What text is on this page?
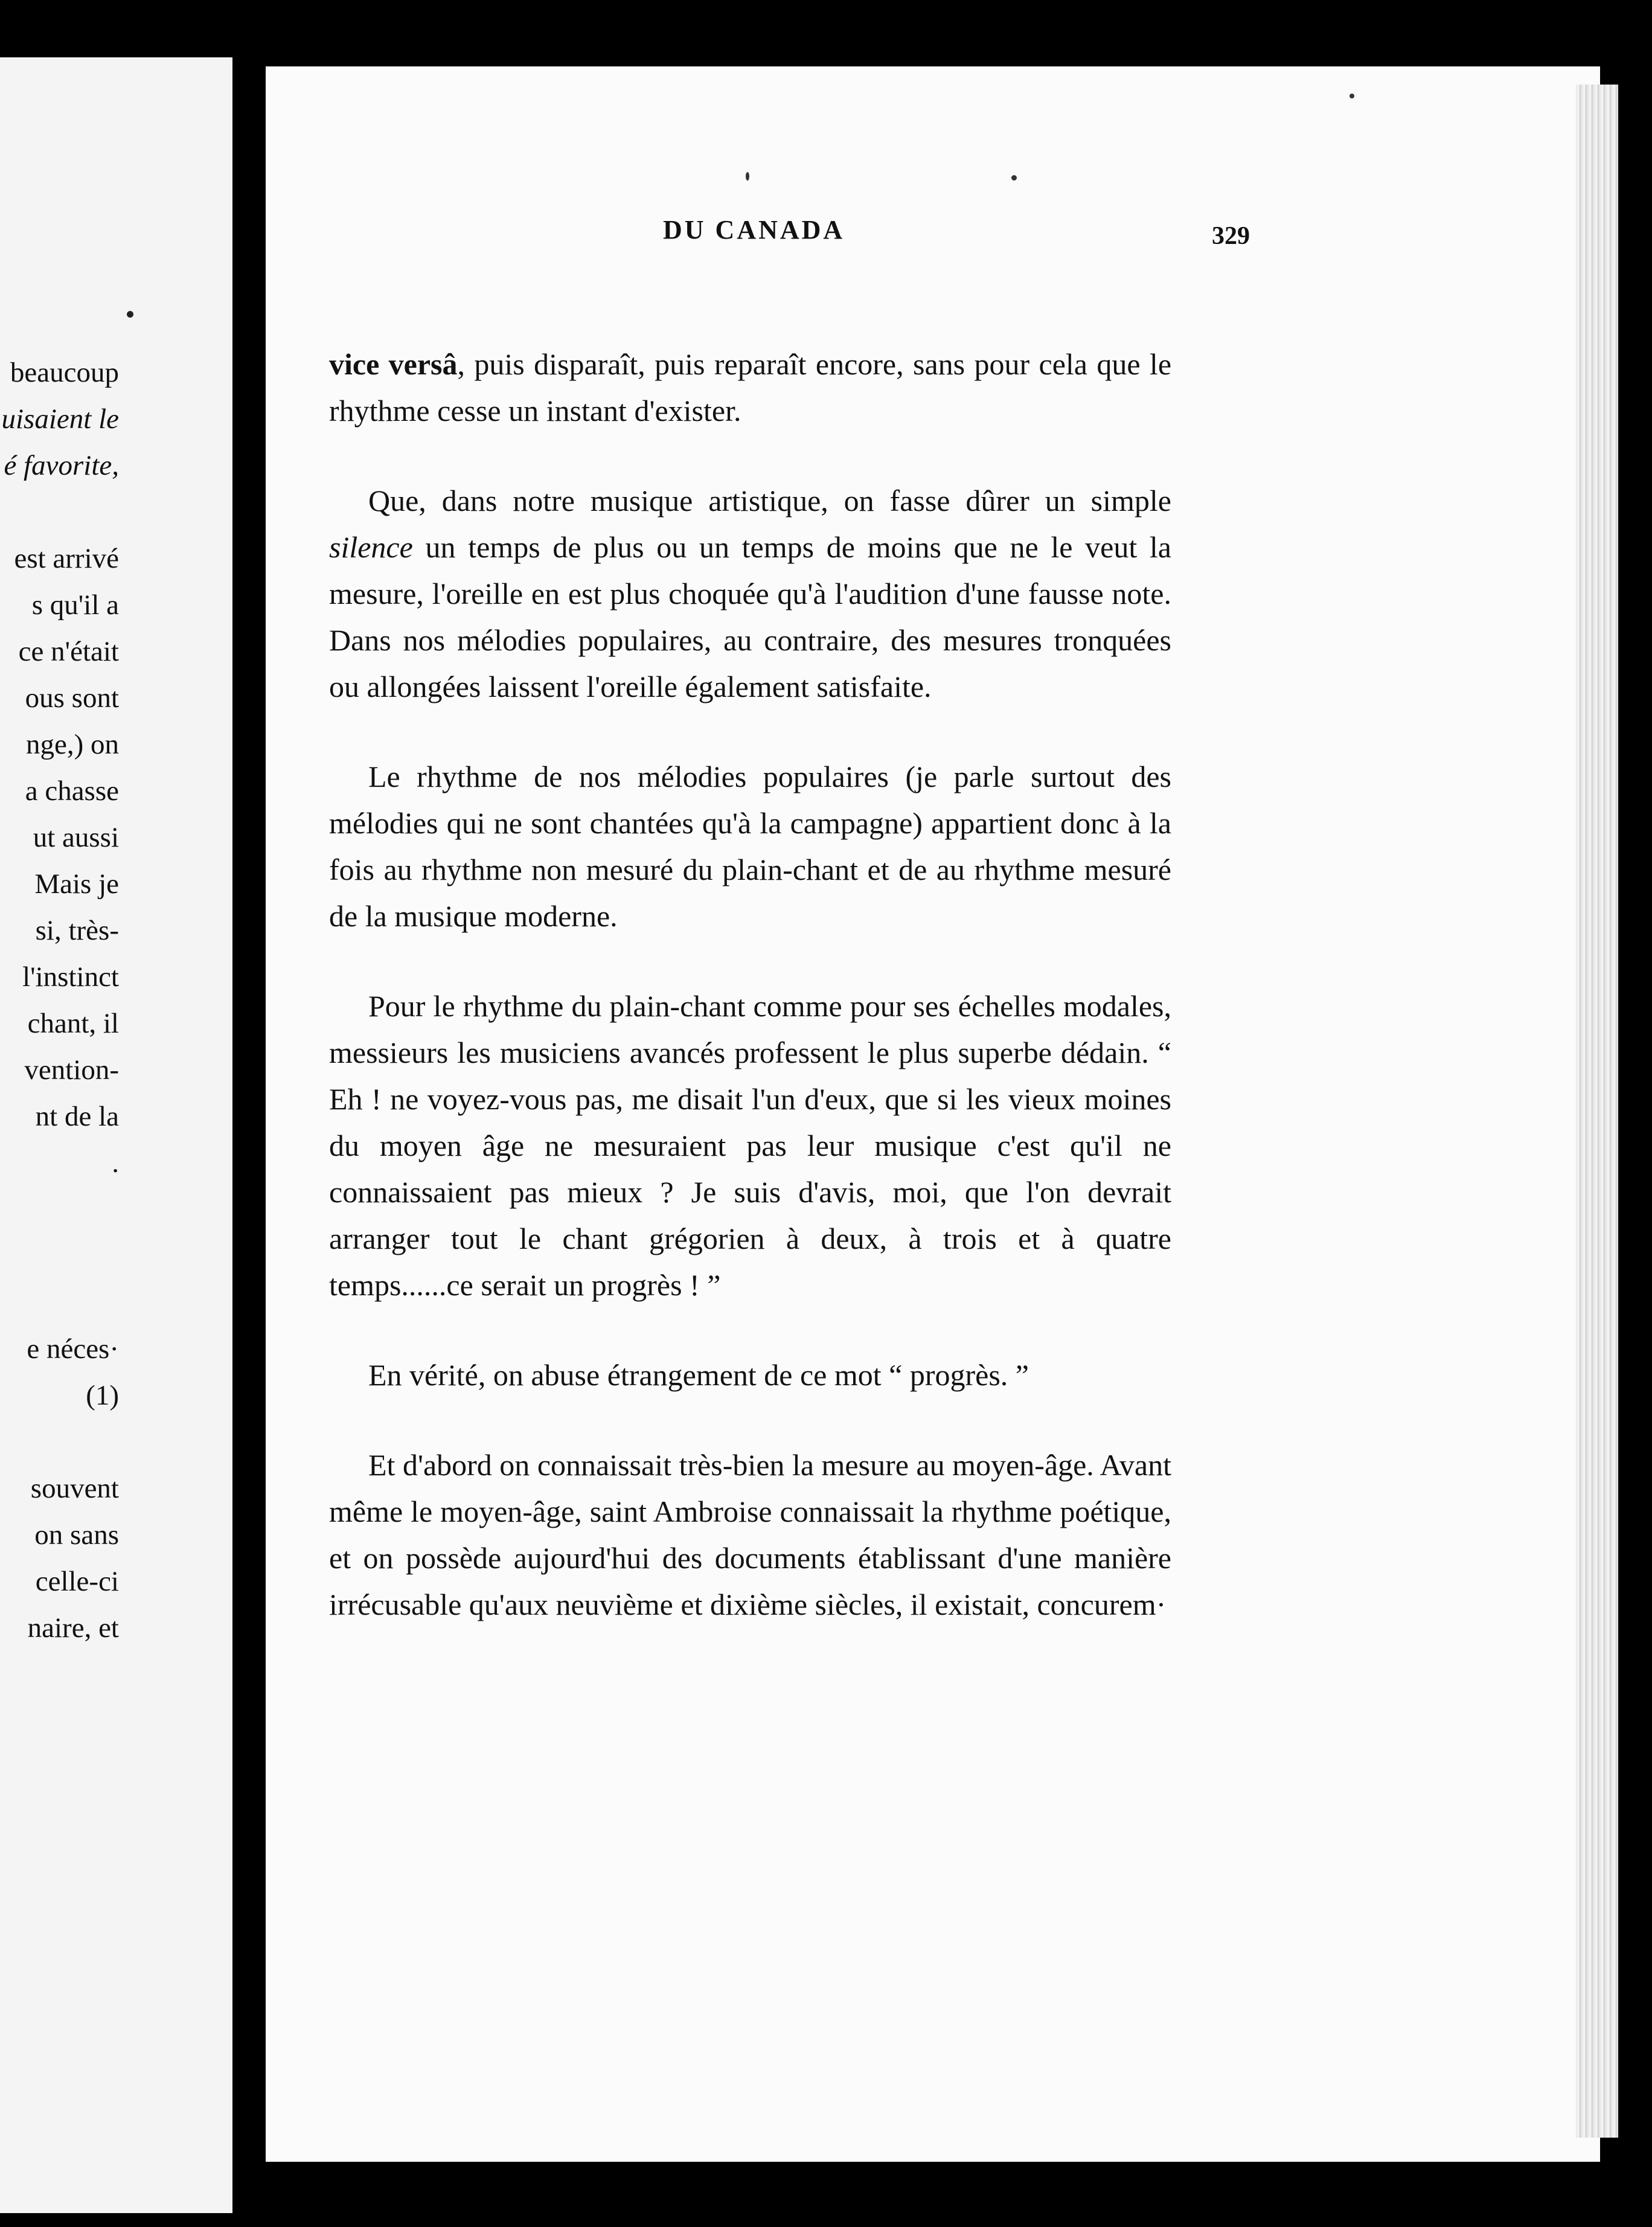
beaucoup
uisaient le
é favorite,
est arrivé
s qu'il a
ce n'était
ous sont
nge,) on
a chasse
ut aussi
Mais je
si, très-
l'instinct
chant, il
vention-
nt de la
.
e néces·
(1)
souvent
on sans
celle-ci
naire, et
DU CANADA	329

vice versâ, puis disparaît, puis reparaît encore, sans pour cela que le rhythme cesse un instant d'exister.

Que, dans notre musique artistique, on fasse dûrer un simple silence un temps de plus ou un temps de moins que ne le veut la mesure, l'oreille en est plus choquée qu'à l'audition d'une fausse note. Dans nos mélodies populaires, au contraire, des mesures tronquées ou allongées laissent l'oreille également satisfaite.

Le rhythme de nos mélodies populaires (je parle surtout des mélodies qui ne sont chantées qu'à la campagne) appartient donc à la fois au rhythme non mesuré du plain-chant et de au rhythme mesuré de la musique moderne.

Pour le rhythme du plain-chant comme pour ses échelles modales, messieurs les musiciens avancés professent le plus superbe dédain. “ Eh ! ne voyez-vous pas, me disait l'un d'eux, que si les vieux moines du moyen âge ne mesuraient pas leur musique c'est qu'il ne connaissaient pas mieux ? Je suis d'avis, moi, que l'on devrait arranger tout le chant grégorien à deux, à trois et à quatre temps......ce serait un progrès ! ”

En vérité, on abuse étrangement de ce mot “ progrès. ”

Et d'abord on connaissait très-bien la mesure au moyen-âge. Avant même le moyen-âge, saint Ambroise connaissait la rhythme poétique, et on possède aujourd'hui des documents établissant d'une manière irrécusable qu'aux neuvième et dixième siècles, il existait, concurem·
